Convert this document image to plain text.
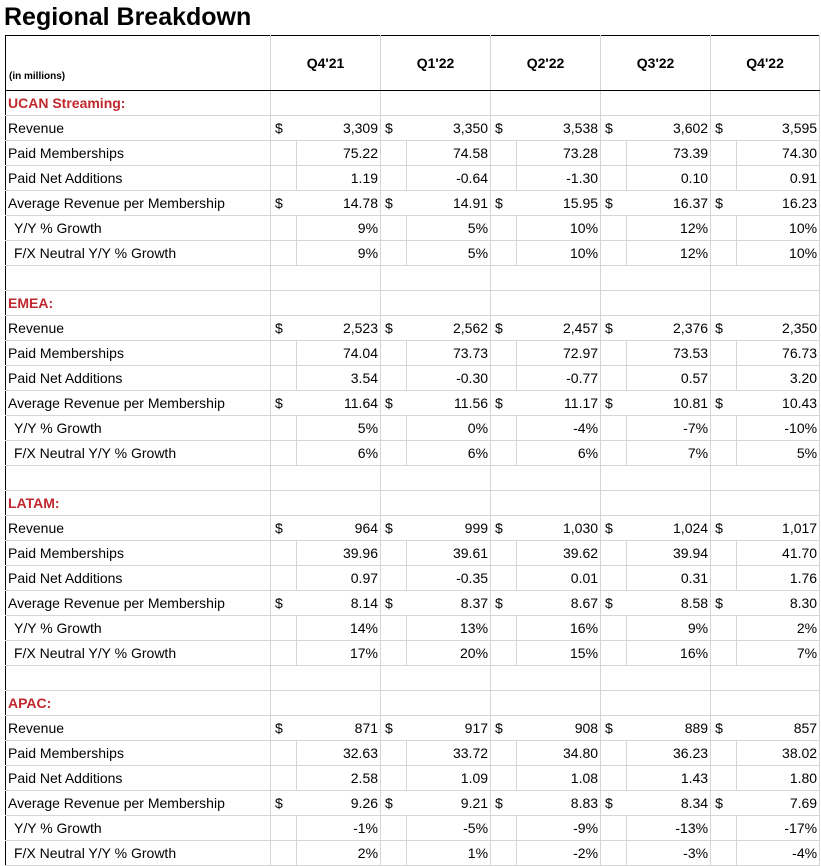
Regional Breakdown
(in millions)	Q4'21		Q1'22		Q2'22		Q3'22		Q4'22	
UCAN Streaming:										
Revenue	$	3,309	$	3,350	$	3,538	$	3,602	$	3,595
Paid Memberships		75.22		74.58		73.28		73.39		74.30
Paid Net Additions		1.19		-0.64		-1.30		0.10		0.91
Average Revenue per Membership	$	14.78	$	14.91	$	15.95	$	16.37	$	16.23
Y/Y % Growth		9%		5%		10%		12%		10%
F/X Neutral Y/Y % Growth		9%		5%		10%		12%		10%

EMEA:										
Revenue	$	2,523	$	2,562	$	2,457	$	2,376	$	2,350
Paid Memberships		74.04		73.73		72.97		73.53		76.73
Paid Net Additions		3.54		-0.30		-0.77		0.57		3.20
Average Revenue per Membership	$	11.64	$	11.56	$	11.17	$	10.81	$	10.43
Y/Y % Growth		5%		0%		-4%		-7%		-10%
F/X Neutral Y/Y % Growth		6%		6%		6%		7%		5%

LATAM:										
Revenue	$	964	$	999	$	1,030	$	1,024	$	1,017
Paid Memberships		39.96		39.61		39.62		39.94		41.70
Paid Net Additions		0.97		-0.35		0.01		0.31		1.76
Average Revenue per Membership	$	8.14	$	8.37	$	8.67	$	8.58	$	8.30
Y/Y % Growth		14%		13%		16%		9%		2%
F/X Neutral Y/Y % Growth		17%		20%		15%		16%		7%

APAC:										
Revenue	$	871	$	917	$	908	$	889	$	857
Paid Memberships		32.63		33.72		34.80		36.23		38.02
Paid Net Additions		2.58		1.09		1.08		1.43		1.80
Average Revenue per Membership	$	9.26	$	9.21	$	8.83	$	8.34	$	7.69
Y/Y % Growth		-1%		-5%		-9%		-13%		-17%
F/X Neutral Y/Y % Growth		2%		1%		-2%		-3%		-4%
